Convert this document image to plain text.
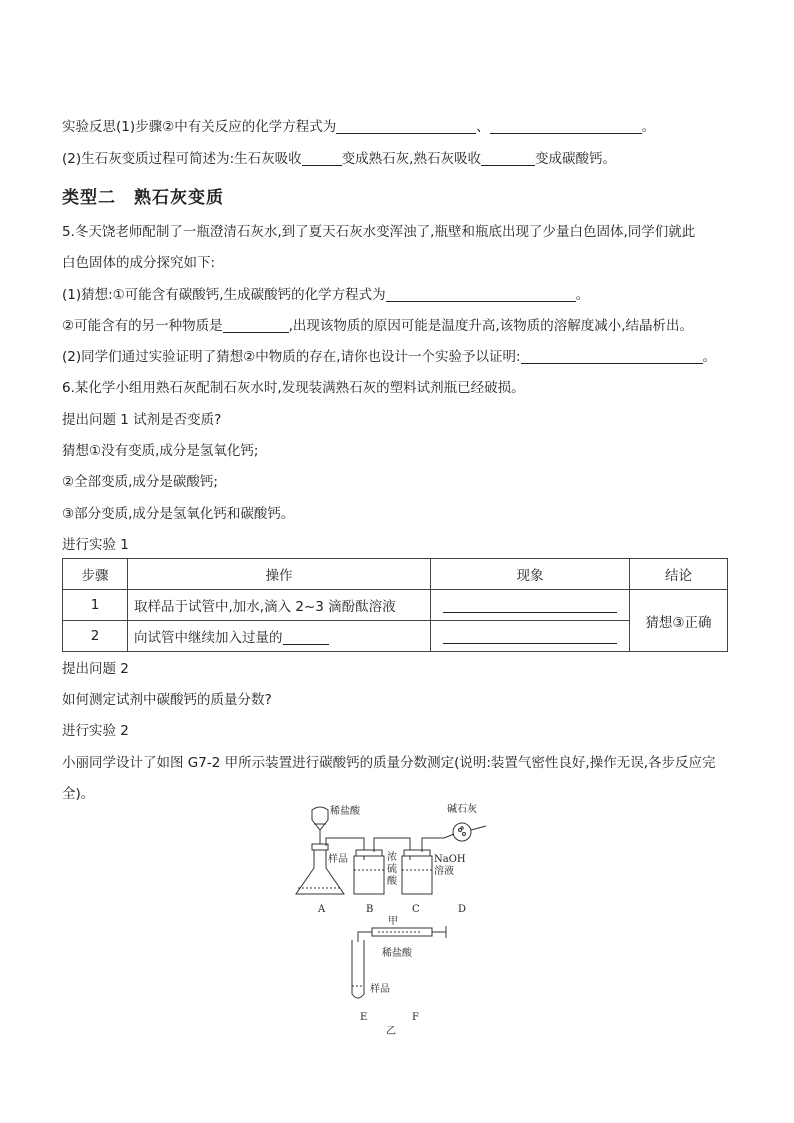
实验反思(1)步骤②中有关反应的化学方程式为	、	。
(2)生石灰变质过程可简述为:生石灰吸收	变成熟石灰,熟石灰吸收	变成碳酸钙。
类型二 熟石灰变质
5.冬天饶老师配制了一瓶澄清石灰水,到了夏天石灰水变浑浊了,瓶壁和瓶底出现了少量白色固体,同学们就此
白色固体的成分探究如下:
(1)猜想:①可能含有碳酸钙,生成碳酸钙的化学方程式为	。
②可能含有的另一种物质是	,出现该物质的原因可能是温度升高,该物质的溶解度减小,结晶析出。
(2)同学们通过实验证明了猜想②中物质的存在,请你也设计一个实验予以证明:	。
6.某化学小组用熟石灰配制石灰水时,发现装满熟石灰的塑料试剂瓶已经破损。
提出问题 1 试剂是否变质?
猜想①没有变质,成分是氢氧化钙;
②全部变质,成分是碳酸钙;
③部分变质,成分是氢氧化钙和碳酸钙。
进行实验 1
步骤	操作	现象	结论
1	取样品于试管中,加水,滴入 2~3 滴酚酞溶液		猜想③正确
2	向试管中继续加入过量的		
提出问题 2
如何测定试剂中碳酸钙的质量分数?
进行实验 2
小丽同学设计了如图 G7-2 甲所示装置进行碳酸钙的质量分数测定(说明:装置气密性良好,操作无误,各步反应完
全)。
稀盐酸	碱石灰
样品	浓
硫
酸
NaOH
溶液
A	B	C	D
甲
稀盐酸
样品
E	F
乙
